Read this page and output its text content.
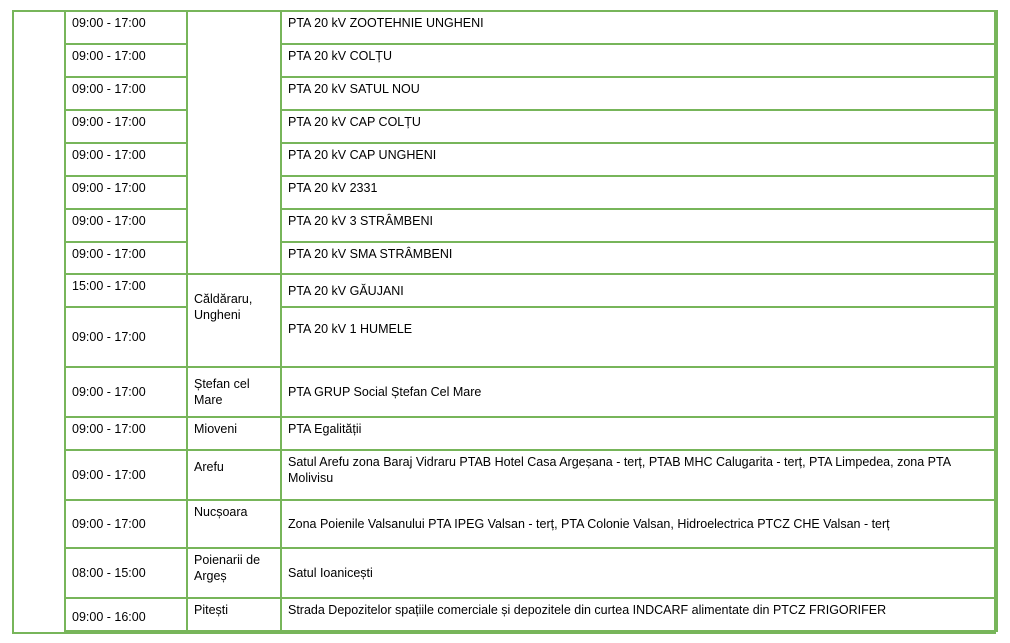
	09:00 - 17:00		PTA 20 kV ZOOTEHNIE UNGHENI
	09:00 - 17:00		PTA 20 kV COLȚU
	09:00 - 17:00		PTA 20 kV SATUL NOU
	09:00 - 17:00		PTA 20 kV CAP COLȚU
	09:00 - 17:00		PTA 20 kV CAP UNGHENI
	09:00 - 17:00		PTA 20 kV 2331
	09:00 - 17:00		PTA 20 kV 3 STRÂMBENI
	09:00 - 17:00		PTA 20 kV SMA STRÂMBENI
	15:00 - 17:00	Căldăraru, Ungheni	PTA 20 kV GĂUJANI
	09:00 - 17:00		PTA 20 kV 1 HUMELE
	09:00 - 17:00	Ștefan cel Mare	PTA GRUP Social Ștefan Cel Mare
	09:00 - 17:00	Mioveni	PTA Egalității
	09:00 - 17:00	Arefu	Satul Arefu zona Baraj Vidraru PTAB Hotel Casa Argeșana - terț, PTAB MHC Calugarita - terț, PTA Limpedea, zona PTA Molivisu
	09:00 - 17:00	Nucșoara	Zona Poienile Valsanului PTA IPEG Valsan - terț, PTA Colonie Valsan, Hidroelectrica PTCZ CHE Valsan - terț
	08:00 - 15:00	Poienarii de Argeș	Satul Ioanicești
	09:00 - 16:00	Pitești	Strada Depozitelor spațiile comerciale și depozitele din curtea INDCARF alimentate din PTCZ FRIGORIFER
